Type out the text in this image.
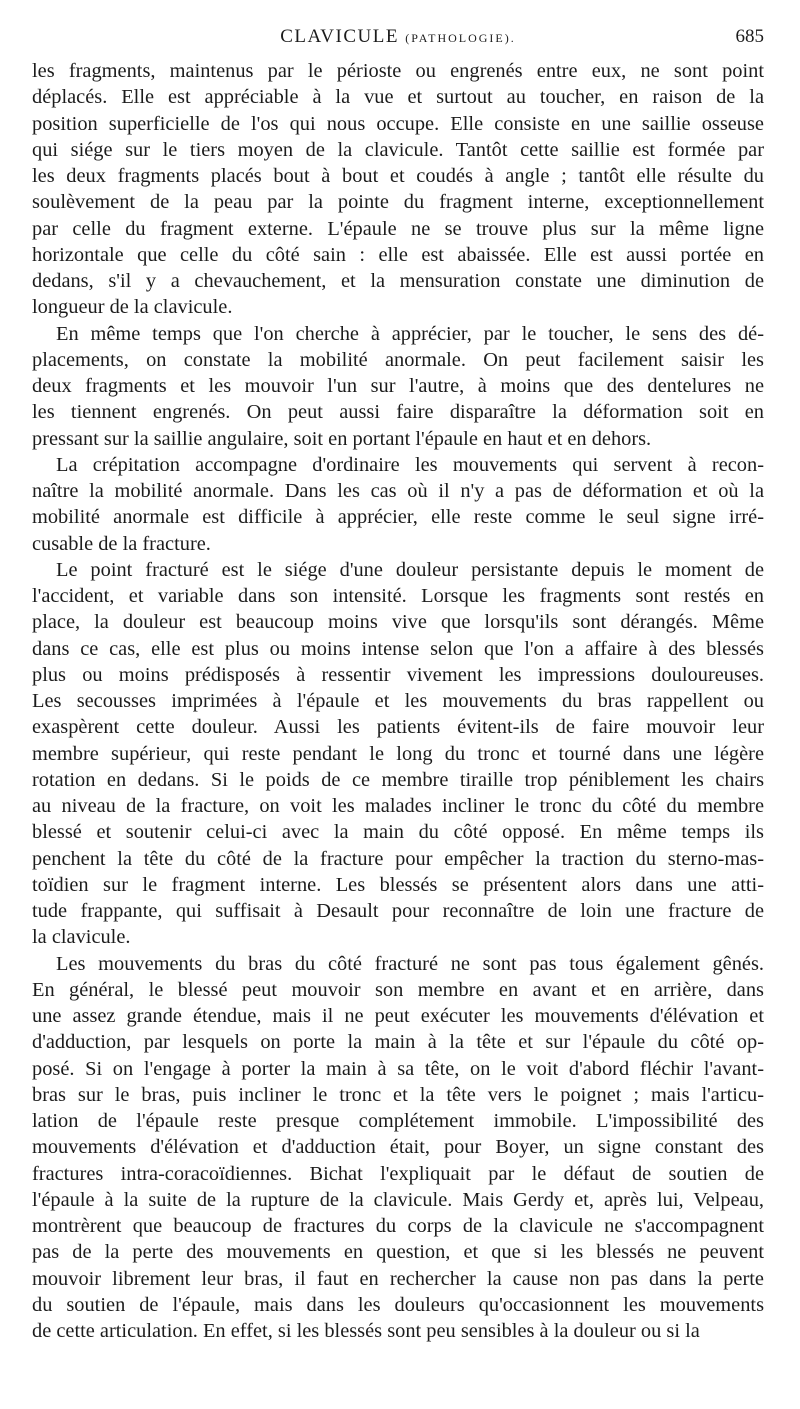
CLAVICULE (PATHOLOGIE).	685
les fragments, maintenus par le périoste ou engrenés entre eux, ne sont point
déplacés. Elle est appréciable à la vue et surtout au toucher, en raison de la
position superficielle de l'os qui nous occupe. Elle consiste en une saillie osseuse
qui siége sur le tiers moyen de la clavicule. Tantôt cette saillie est formée par
les deux fragments placés bout à bout et coudés à angle ; tantôt elle résulte du
soulèvement de la peau par la pointe du fragment interne, exceptionnellement
par celle du fragment externe. L'épaule ne se trouve plus sur la même ligne
horizontale que celle du côté sain : elle est abaissée. Elle est aussi portée en
dedans, s'il y a chevauchement, et la mensuration constate une diminution de
longueur de la clavicule.
En même temps que l'on cherche à apprécier, par le toucher, le sens des dé-
placements, on constate la mobilité anormale. On peut facilement saisir les
deux fragments et les mouvoir l'un sur l'autre, à moins que des dentelures ne
les tiennent engrenés. On peut aussi faire disparaître la déformation soit en
pressant sur la saillie angulaire, soit en portant l'épaule en haut et en dehors.
La crépitation accompagne d'ordinaire les mouvements qui servent à recon-
naître la mobilité anormale. Dans les cas où il n'y a pas de déformation et où la
mobilité anormale est difficile à apprécier, elle reste comme le seul signe irré-
cusable de la fracture.
Le point fracturé est le siége d'une douleur persistante depuis le moment de
l'accident, et variable dans son intensité. Lorsque les fragments sont restés en
place, la douleur est beaucoup moins vive que lorsqu'ils sont dérangés. Même
dans ce cas, elle est plus ou moins intense selon que l'on a affaire à des blessés
plus ou moins prédisposés à ressentir vivement les impressions douloureuses.
Les secousses imprimées à l'épaule et les mouvements du bras rappellent ou
exaspèrent cette douleur. Aussi les patients évitent-ils de faire mouvoir leur
membre supérieur, qui reste pendant le long du tronc et tourné dans une légère
rotation en dedans. Si le poids de ce membre tiraille trop péniblement les chairs
au niveau de la fracture, on voit les malades incliner le tronc du côté du membre
blessé et soutenir celui-ci avec la main du côté opposé. En même temps ils
penchent la tête du côté de la fracture pour empêcher la traction du sterno-mas-
toïdien sur le fragment interne. Les blessés se présentent alors dans une atti-
tude frappante, qui suffisait à Desault pour reconnaître de loin une fracture de
la clavicule.
Les mouvements du bras du côté fracturé ne sont pas tous également gênés.
En général, le blessé peut mouvoir son membre en avant et en arrière, dans
une assez grande étendue, mais il ne peut exécuter les mouvements d'élévation et
d'adduction, par lesquels on porte la main à la tête et sur l'épaule du côté op-
posé. Si on l'engage à porter la main à sa tête, on le voit d'abord fléchir l'avant-
bras sur le bras, puis incliner le tronc et la tête vers le poignet ; mais l'articu-
lation de l'épaule reste presque complétement immobile. L'impossibilité des
mouvements d'élévation et d'adduction était, pour Boyer, un signe constant des
fractures intra-coracoïdiennes. Bichat l'expliquait par le défaut de soutien de
l'épaule à la suite de la rupture de la clavicule. Mais Gerdy et, après lui, Velpeau,
montrèrent que beaucoup de fractures du corps de la clavicule ne s'accompagnent
pas de la perte des mouvements en question, et que si les blessés ne peuvent
mouvoir librement leur bras, il faut en rechercher la cause non pas dans la perte
du soutien de l'épaule, mais dans les douleurs qu'occasionnent les mouvements
de cette articulation. En effet, si les blessés sont peu sensibles à la douleur ou si la
